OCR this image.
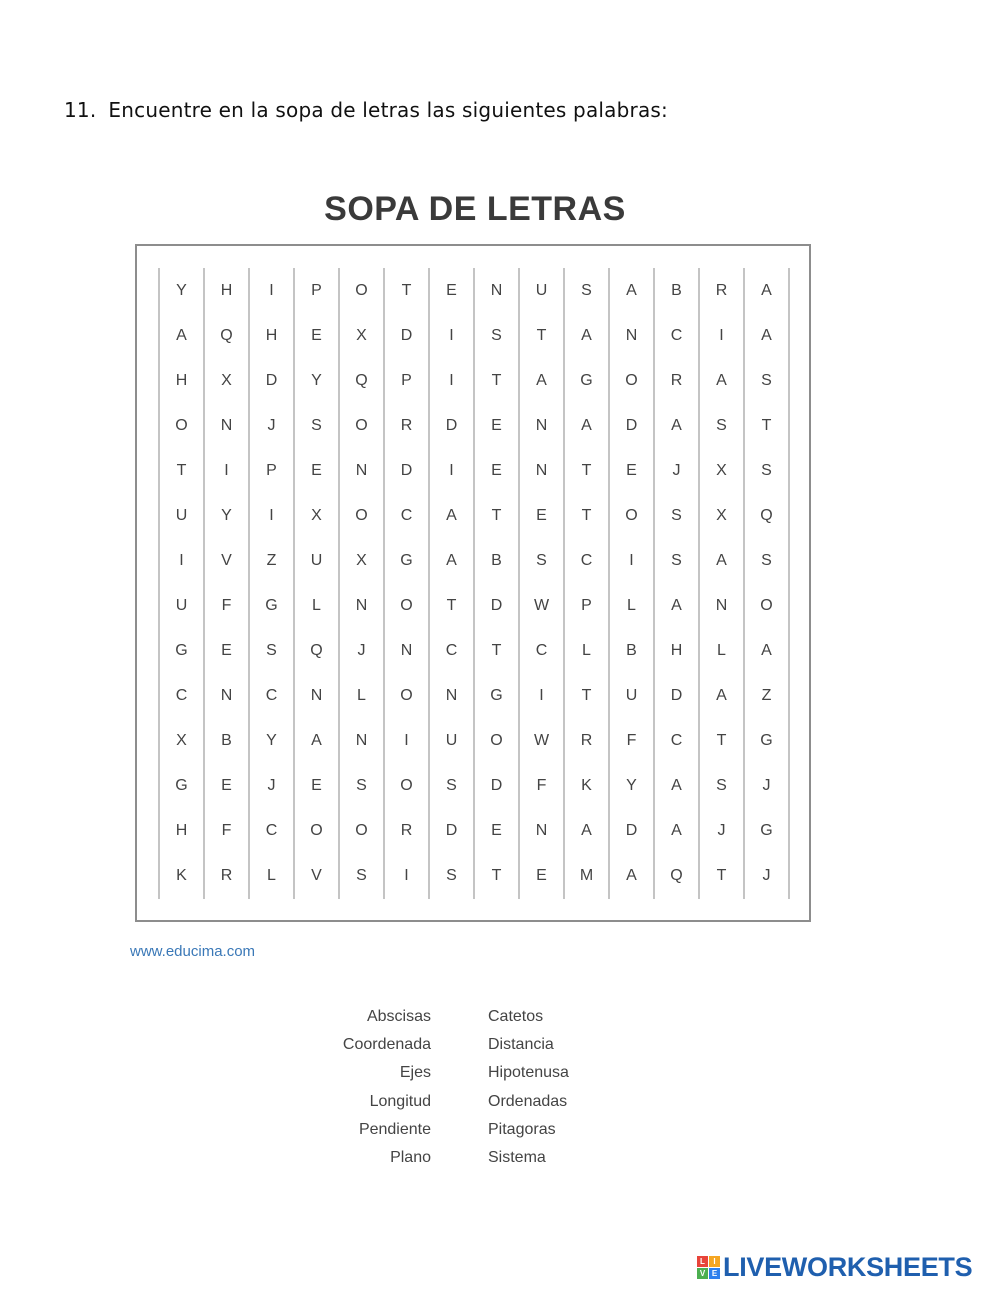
11. Encuentre en la sopa de letras las siguientes palabras:
SOPA DE LETRAS
Y	H	I	P	O	T	E	N	U	S	A	B	R	A
A	Q	H	E	X	D	I	S	T	A	N	C	I	A
H	X	D	Y	Q	P	I	T	A	G	O	R	A	S
O	N	J	S	O	R	D	E	N	A	D	A	S	T
T	I	P	E	N	D	I	E	N	T	E	J	X	S
U	Y	I	X	O	C	A	T	E	T	O	S	X	Q
I	V	Z	U	X	G	A	B	S	C	I	S	A	S
U	F	G	L	N	O	T	D	W	P	L	A	N	O
G	E	S	Q	J	N	C	T	C	L	B	H	L	A
C	N	C	N	L	O	N	G	I	T	U	D	A	Z
X	B	Y	A	N	I	U	O	W	R	F	C	T	G
G	E	J	E	S	O	S	D	F	K	Y	A	S	J
H	F	C	O	O	R	D	E	N	A	D	A	J	G
K	R	L	V	S	I	S	T	E	M	A	Q	T	J
www.educima.com
Abscisas
Coordenada
Ejes
Longitud
Pendiente
Plano
Catetos
Distancia
Hipotenusa
Ordenadas
Pitagoras
Sistema
L	I
V E LIVEWORKSHEETS
